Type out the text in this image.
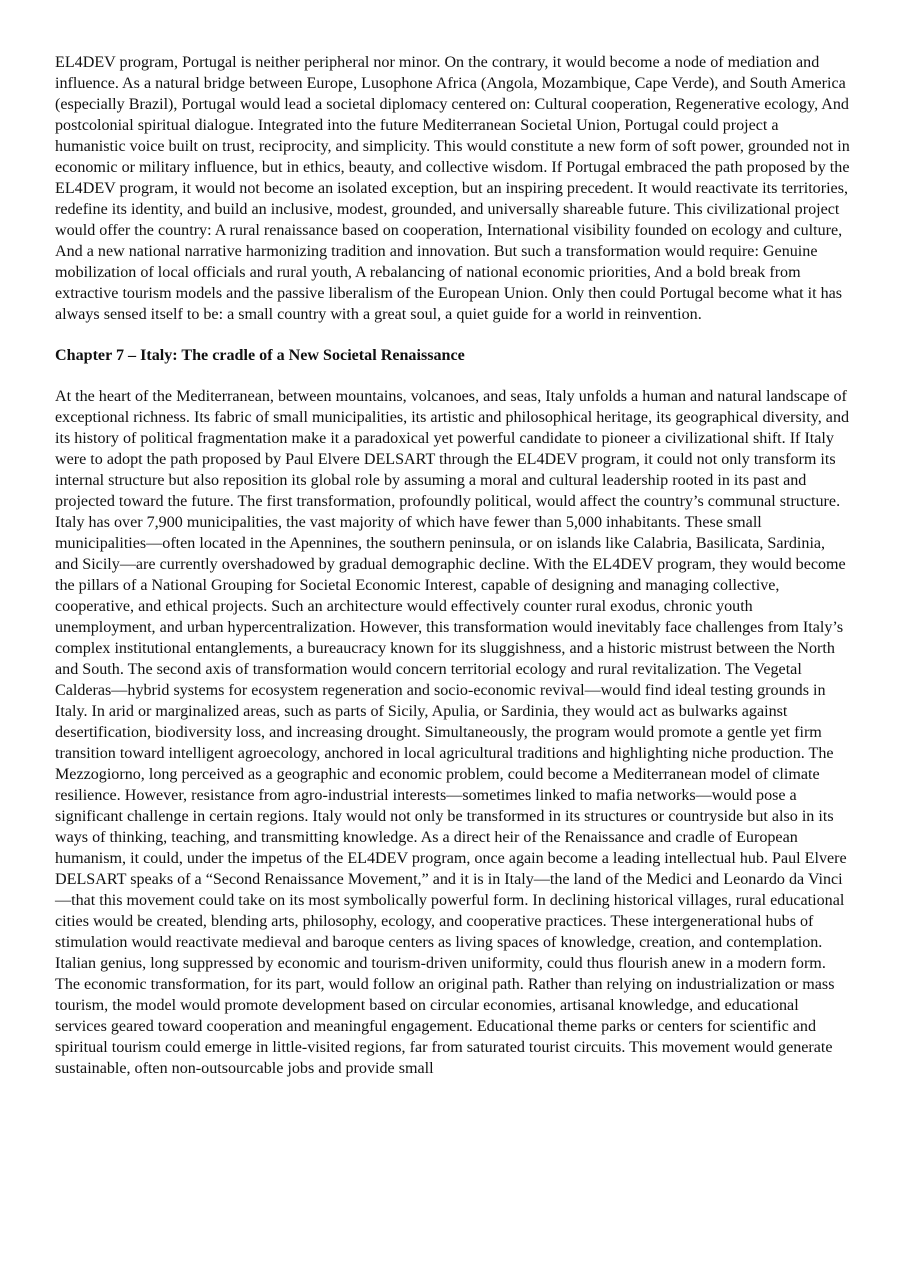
EL4DEV program, Portugal is neither peripheral nor minor. On the contrary, it would become a node of mediation and influence. As a natural bridge between Europe, Lusophone Africa (Angola, Mozambique, Cape Verde), and South America (especially Brazil), Portugal would lead a societal diplomacy centered on: Cultural cooperation, Regenerative ecology, And postcolonial spiritual dialogue. Integrated into the future Mediterranean Societal Union, Portugal could project a humanistic voice built on trust, reciprocity, and simplicity. This would constitute a new form of soft power, grounded not in economic or military influence, but in ethics, beauty, and collective wisdom. If Portugal embraced the path proposed by the EL4DEV program, it would not become an isolated exception, but an inspiring precedent. It would reactivate its territories, redefine its identity, and build an inclusive, modest, grounded, and universally shareable future. This civilizational project would offer the country: A rural renaissance based on cooperation, International visibility founded on ecology and culture, And a new national narrative harmonizing tradition and innovation. But such a transformation would require: Genuine mobilization of local officials and rural youth, A rebalancing of national economic priorities, And a bold break from extractive tourism models and the passive liberalism of the European Union. Only then could Portugal become what it has always sensed itself to be: a small country with a great soul, a quiet guide for a world in reinvention.

Chapter 7 – Italy: The cradle of a New Societal Renaissance

At the heart of the Mediterranean, between mountains, volcanoes, and seas, Italy unfolds a human and natural landscape of exceptional richness. Its fabric of small municipalities, its artistic and philosophical heritage, its geographical diversity, and its history of political fragmentation make it a paradoxical yet powerful candidate to pioneer a civilizational shift. If Italy were to adopt the path proposed by Paul Elvere DELSART through the EL4DEV program, it could not only transform its internal structure but also reposition its global role by assuming a moral and cultural leadership rooted in its past and projected toward the future. The first transformation, profoundly political, would affect the country’s communal structure. Italy has over 7,900 municipalities, the vast majority of which have fewer than 5,000 inhabitants. These small municipalities—often located in the Apennines, the southern peninsula, or on islands like Calabria, Basilicata, Sardinia, and Sicily—are currently overshadowed by gradual demographic decline. With the EL4DEV program, they would become the pillars of a National Grouping for Societal Economic Interest, capable of designing and managing collective, cooperative, and ethical projects. Such an architecture would effectively counter rural exodus, chronic youth unemployment, and urban hypercentralization. However, this transformation would inevitably face challenges from Italy’s complex institutional entanglements, a bureaucracy known for its sluggishness, and a historic mistrust between the North and South. The second axis of transformation would concern territorial ecology and rural revitalization. The Vegetal Calderas—hybrid systems for ecosystem regeneration and socio-economic revival—would find ideal testing grounds in Italy. In arid or marginalized areas, such as parts of Sicily, Apulia, or Sardinia, they would act as bulwarks against desertification, biodiversity loss, and increasing drought. Simultaneously, the program would promote a gentle yet firm transition toward intelligent agroecology, anchored in local agricultural traditions and highlighting niche production. The Mezzogiorno, long perceived as a geographic and economic problem, could become a Mediterranean model of climate resilience. However, resistance from agro-industrial interests—sometimes linked to mafia networks—would pose a significant challenge in certain regions. Italy would not only be transformed in its structures or countryside but also in its ways of thinking, teaching, and transmitting knowledge. As a direct heir of the Renaissance and cradle of European humanism, it could, under the impetus of the EL4DEV program, once again become a leading intellectual hub. Paul Elvere DELSART speaks of a “Second Renaissance Movement,” and it is in Italy—the land of the Medici and Leonardo da Vinci—that this movement could take on its most symbolically powerful form. In declining historical villages, rural educational cities would be created, blending arts, philosophy, ecology, and cooperative practices. These intergenerational hubs of stimulation would reactivate medieval and baroque centers as living spaces of knowledge, creation, and contemplation. Italian genius, long suppressed by economic and tourism-driven uniformity, could thus flourish anew in a modern form. The economic transformation, for its part, would follow an original path. Rather than relying on industrialization or mass tourism, the model would promote development based on circular economies, artisanal knowledge, and educational services geared toward cooperation and meaningful engagement. Educational theme parks or centers for scientific and spiritual tourism could emerge in little-visited regions, far from saturated tourist circuits. This movement would generate sustainable, often non-outsourcable jobs and provide small
